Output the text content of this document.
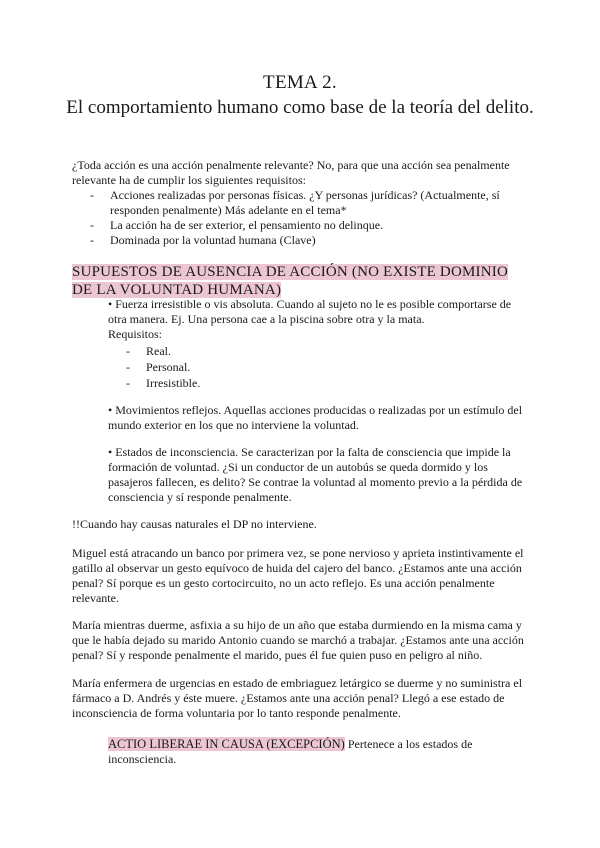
TEMA 2.
El comportamiento humano como base de la teoría del delito.
¿Toda acción es una acción penalmente relevante? No, para que una acción sea penalmente relevante ha de cumplir los siguientes requisitos:
- Acciones realizadas por personas físicas. ¿Y personas jurídicas? (Actualmente, sí responden penalmente) Más adelante en el tema*
- La acción ha de ser exterior, el pensamiento no delinque.
- Dominada por la voluntad humana (Clave)
SUPUESTOS DE AUSENCIA DE ACCIÓN (NO EXISTE DOMINIO DE LA VOLUNTAD HUMANA)
• Fuerza irresistible o vis absoluta. Cuando al sujeto no le es posible comportarse de otra manera. Ej. Una persona cae a la piscina sobre otra y la mata.
Requisitos:
- Real.
- Personal.
- Irresistible.
• Movimientos reflejos. Aquellas acciones producidas o realizadas por un estímulo del mundo exterior en los que no interviene la voluntad.
• Estados de inconsciencia. Se caracterizan por la falta de consciencia que impide la formación de voluntad. ¿Si un conductor de un autobús se queda dormido y los pasajeros fallecen, es delito? Se contrae la voluntad al momento previo a la pérdida de consciencia y sí responde penalmente.
!!Cuando hay causas naturales el DP no interviene.
Miguel está atracando un banco por primera vez, se pone nervioso y aprieta instintivamente el gatillo al observar un gesto equívoco de huida del cajero del banco. ¿Estamos ante una acción penal? Sí porque es un gesto cortocircuito, no un acto reflejo. Es una acción penalmente relevante.
María mientras duerme, asfixia a su hijo de un año que estaba durmiendo en la misma cama y que le había dejado su marido Antonio cuando se marchó a trabajar. ¿Estamos ante una acción penal? Sí y responde penalmente el marido, pues él fue quien puso en peligro al niño.
María enfermera de urgencias en estado de embriaguez letárgico se duerme y no suministra el fármaco a D. Andrés y éste muere. ¿Estamos ante una acción penal? Llegó a ese estado de inconsciencia de forma voluntaria por lo tanto responde penalmente.
ACTIO LIBERAE IN CAUSA (EXCEPCIÓN) Pertenece a los estados de inconsciencia.
